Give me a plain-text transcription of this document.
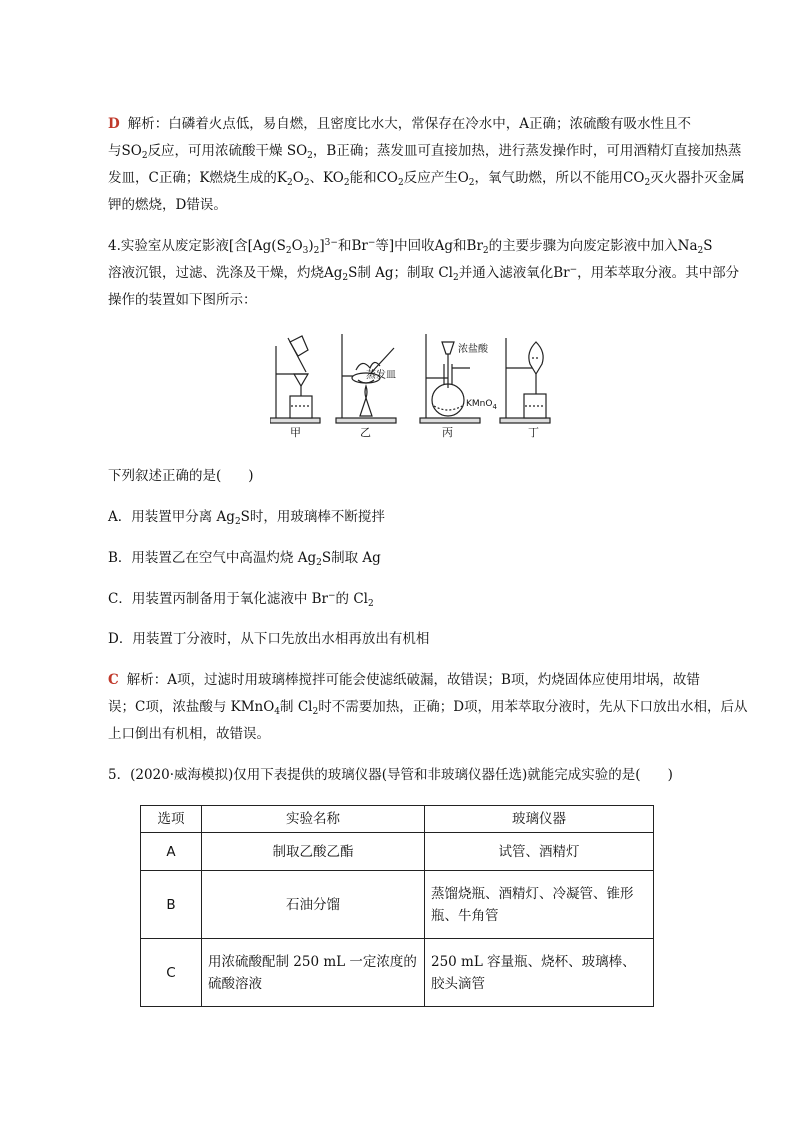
D 解析：白磷着火点低，易自燃，且密度比水大，常保存在冷水中，A正确；浓硫酸有吸水性且不
与$SO_2$反应，可用浓硫酸干燥 $SO_2$，B正确；蒸发皿可直接加热，进行蒸发操作时，可用酒精灯直接加热蒸
发皿，C正确；K燃烧生成的$K_2O_2$、$KO_2$能和$CO_2$反应产生$O_2$，氧气助燃，所以不能用$CO_2$灭火器扑灭金属
钾的燃烧，D错误。
4.实验室从废定影液[含$[Ag(S_2O_3)_2]^{3-}$和Br−等]中回收Ag和$Br_2$的主要步骤为向废定影液中加入$Na_2S$
溶液沉银，过滤、洗涤及干燥，灼烧$Ag_2S$制 Ag；制取 $Cl_2$并通入滤液氧化Br−，用苯萃取分液。其中部分
操作的装置如下图所示：
蒸发皿
浓盐酸
KMnO$_4$
甲	乙	丙	丁
下列叙述正确的是(　　)
A．用装置甲分离 $Ag_2S$时，用玻璃棒不断搅拌
B．用装置乙在空气中高温灼烧 $Ag_2S$制取 Ag
C．用装置丙制备用于氧化滤液中 Br−的 $Cl_2$
D．用装置丁分液时，从下口先放出水相再放出有机相
C 解析：A项，过滤时用玻璃棒搅拌可能会使滤纸破漏，故错误；B项，灼烧固体应使用坩埚，故错
误；C项，浓盐酸与 KMnO$_4$制 $Cl_2$时不需要加热，正确；D项，用苯萃取分液时，先从下口放出水相，后从
上口倒出有机相，故错误。
5．(2020·威海模拟)仅用下表提供的玻璃仪器(导管和非玻璃仪器任选)就能完成实验的是(　　)
选项	实验名称	玻璃仪器
A	制取乙酸乙酯	试管、酒精灯
B	石油分馏	蒸馏烧瓶、酒精灯、冷凝管、锥形瓶、牛角管
C	用浓硫酸配制 250 mL 一定浓度的硫酸溶液	250 mL 容量瓶、烧杯、玻璃棒、胶头滴管
